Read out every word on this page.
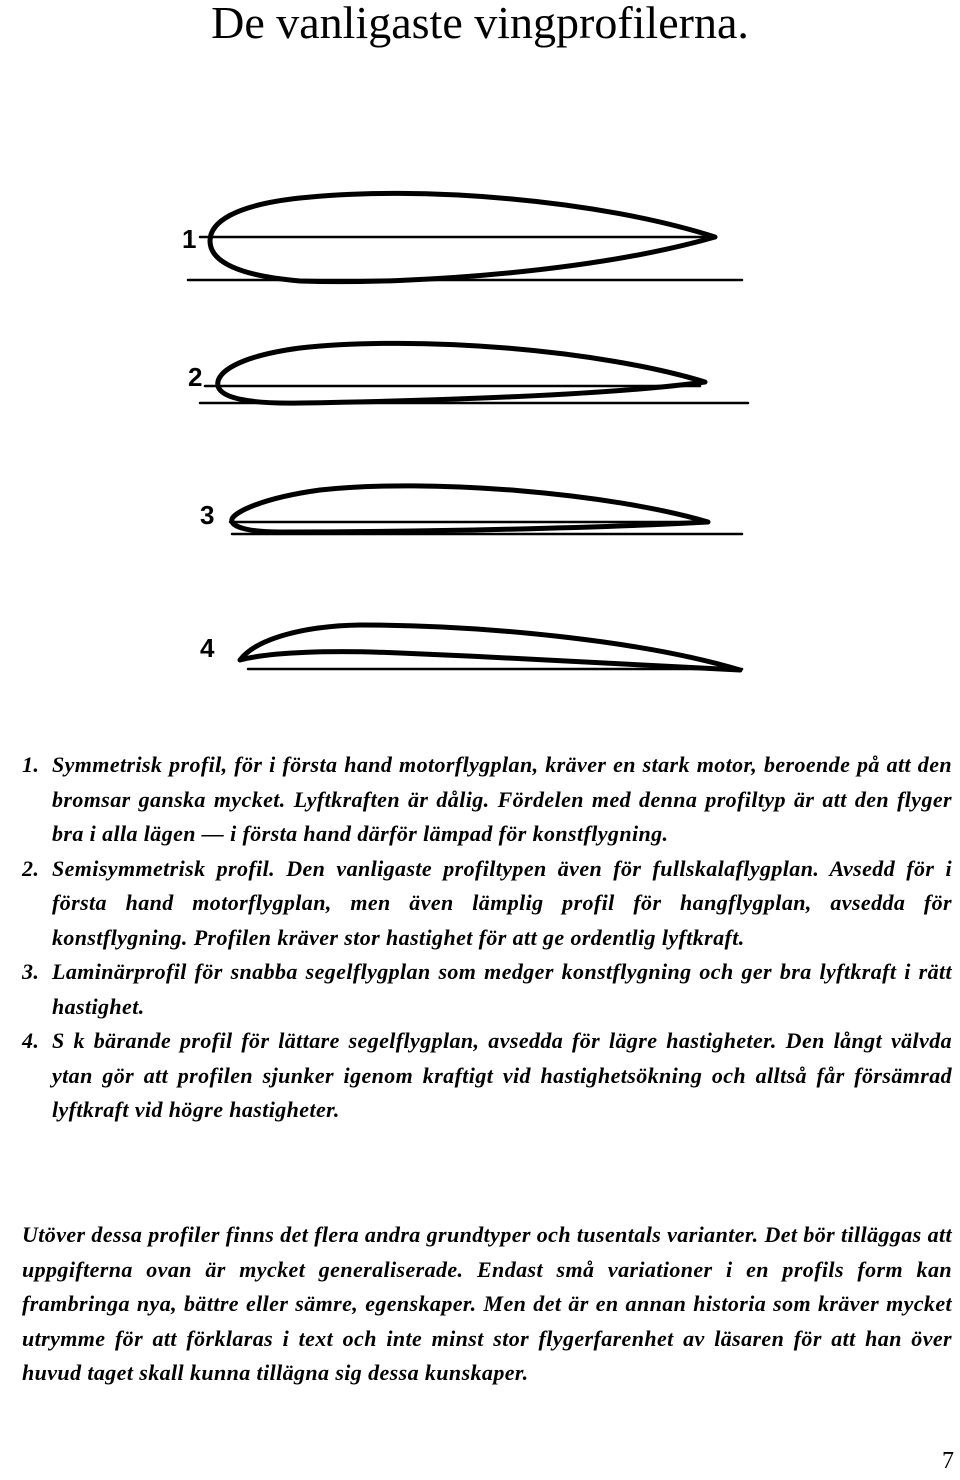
De vanligaste vingprofilerna.
1
2
3
4
1. Symmetrisk profil, för i första hand motorflygplan, kräver en stark motor, beroende på att den bromsar ganska mycket. Lyftkraften är dålig. Fördelen med denna profiltyp är att den flyger bra i alla lägen — i första hand därför lämpad för konstflygning.
2. Semisymmetrisk profil. Den vanligaste profiltypen även för fullskalaflygplan. Avsedd för i första hand motorflygplan, men även lämplig profil för hangflygplan, avsedda för konstflygning. Profilen kräver stor hastighet för att ge ordentlig lyftkraft.
3. Laminärprofil för snabba segelflygplan som medger konstflygning och ger bra lyftkraft i rätt hastighet.
4. S k bärande profil för lättare segelflygplan, avsedda för lägre hastigheter. Den långt välvda ytan gör att profilen sjunker igenom kraftigt vid hastighetsökning och alltså får försämrad lyftkraft vid högre hastigheter.
Utöver dessa profiler finns det flera andra grundtyper och tusentals varianter. Det bör tilläggas att uppgifterna ovan är mycket generaliserade. Endast små variationer i en profils form kan frambringa nya, bättre eller sämre, egenskaper. Men det är en annan historia som kräver mycket utrymme för att förklaras i text och inte minst stor flygerfarenhet av läsaren för att han över huvud taget skall kunna tillägna sig dessa kunskaper.
7
